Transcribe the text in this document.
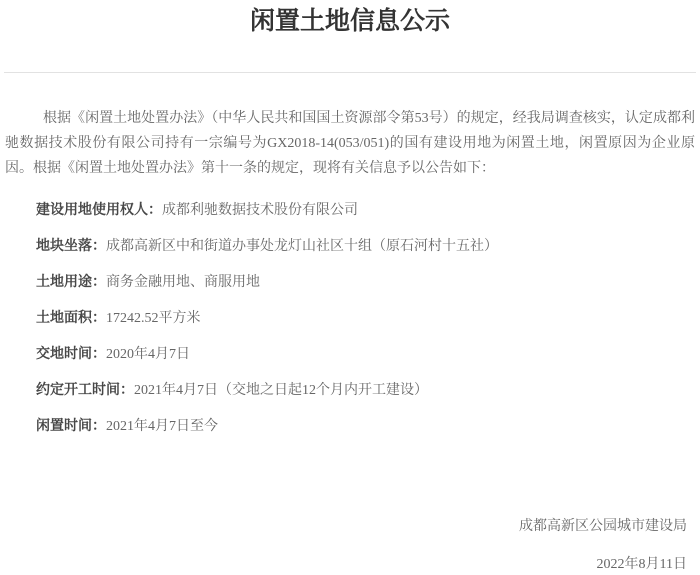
闲置土地信息公示

根据《闲置土地处置办法》（中华人民共和国国土资源部令第53号）的规定，经我局调查核实，认定成都利驰数据技术股份有限公司持有一宗编号为GX2018-14(053/051)的国有建设用地为闲置土地，闲置原因为企业原因。根据《闲置土地处置办法》第十一条的规定，现将有关信息予以公告如下：

建设用地使用权人：成都利驰数据技术股份有限公司
地块坐落：成都高新区中和街道办事处龙灯山社区十组（原石河村十五社）
土地用途：商务金融用地、商服用地
土地面积：17242.52平方米
交地时间：2020年4月7日
约定开工时间：2021年4月7日（交地之日起12个月内开工建设）
闲置时间：2021年4月7日至今
成都高新区公园城市建设局
2022年8月11日
